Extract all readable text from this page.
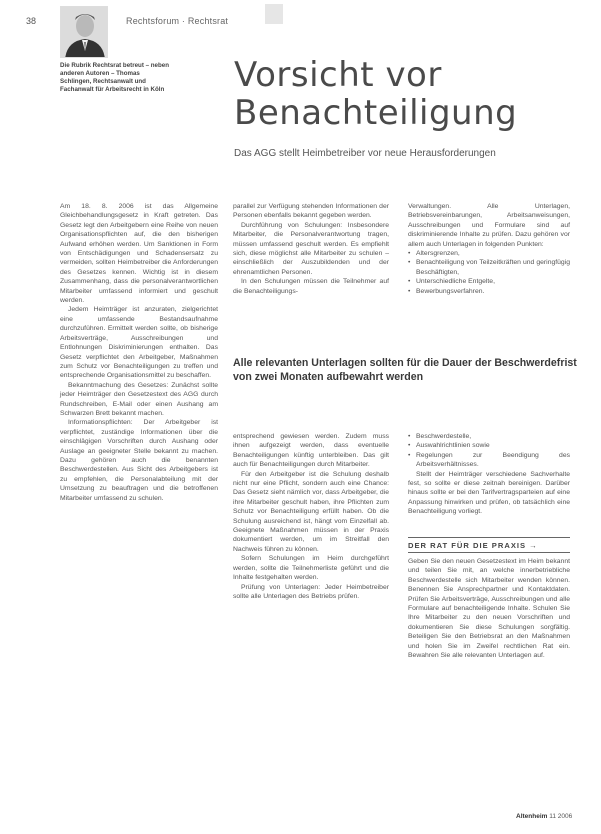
38	Rechtsforum · Rechtsrat
Die Rubrik Rechtsrat betreut – neben anderen Autoren – Thomas Schlingen, Rechtsanwalt und Fachanwalt für Arbeitsrecht in Köln Vorsicht vor
Benachteiligung
Das AGG stellt Heimbetreiber vor neue Herausforderungen

Am 18. 8. 2006 ist das Allgemeine Gleichbehandlungsgesetz in Kraft getreten. Das Gesetz legt den Arbeitgebern eine Reihe von neuen Organisationspflichten auf, die den bisherigen Aufwand erhöhen werden. Um Sanktionen in Form von Entschädigungen und Schadensersatz zu vermeiden, sollten Heimbetreiber die Anforderungen des Gesetzes kennen. Wichtig ist in diesem Zusammenhang, dass die personalverantwortlichen Mitarbeiter umfassend informiert und geschult werden.

Jedem Heimträger ist anzuraten, zielgerichtet eine umfassende Bestandsaufnahme durchzuführen. Ermittelt werden sollte, ob bisherige Arbeitsverträge, Ausschreibungen und Entlohnungen Diskriminierungen enthalten. Das Gesetz verpflichtet den Arbeitgeber, Maßnahmen zum Schutz vor Benachteiligungen zu treffen und entsprechende Organisationsmittel zu beschaffen.

Bekanntmachung des Gesetzes: Zunächst sollte jeder Heimträger den Gesetzestext des AGG durch Rundschreiben, E-Mail oder einen Aushang am Schwarzen Brett bekannt machen.

Informationspflichten: Der Arbeitgeber ist verpflichtet, zuständige Informationen über die einschlägigen Vorschriften durch Aushang oder Auslage an geeigneter Stelle bekannt zu machen. Dazu gehören auch die benannten Beschwerdestellen. Aus Sicht des Arbeitgebers ist zu empfehlen, die Personalabteilung mit der Umsetzung zu beauftragen und die betroffenen Mitarbeiter umfassend zu schulen.

parallel zur Verfügung stehenden Informationen der Personen ebenfalls bekannt gegeben werden.

Durchführung von Schulungen: Insbesondere Mitarbeiter, die Personalverantwortung tragen, müssen umfassend geschult werden. Es empfiehlt sich, diese möglichst alle Mitarbeiter zu schulen – einschließlich der Auszubildenden und der ehrenamtlichen Personen.

In den Schulungen müssen die Teilnehmer auf die Benachteiligungs-

Verwaltungen. Alle Unterlagen, Betriebsvereinbarungen, Arbeitsanweisungen, Ausschreibungen und Formulare sind auf diskriminierende Inhalte zu prüfen. Dazu gehören vor allem auch Unterlagen in folgenden Punkten:

• Altersgrenzen,
• Benachteiligung von Teilzeitkräften und geringfügig Beschäftigten,
• Unterschiedliche Entgelte,
• Bewerbungsverfahren.
Alle relevanten Unterlagen sollten für die Dauer der Beschwerdefrist von zwei Monaten aufbewahrt werden

entsprechend gewiesen werden. Zudem muss ihnen aufgezeigt werden, dass eventuelle Benachteiligungen künftig unterbleiben. Das gilt auch für Benachteiligungen durch Mitarbeiter.

Für den Arbeitgeber ist die Schulung deshalb nicht nur eine Pflicht, sondern auch eine Chance: Das Gesetz sieht nämlich vor, dass Arbeitgeber, die ihre Mitarbeiter geschult haben, ihre Pflichten zum Schutz vor Benachteiligung erfüllt haben. Ob die Schulung ausreichend ist, hängt vom Einzelfall ab. Geeignete Maßnahmen müssen in der Praxis dokumentiert werden, um im Streitfall den Nachweis führen zu können.

Sofern Schulungen im Heim durchgeführt werden, sollte die Teilnehmerliste geführt und die Inhalte festgehalten werden.

Prüfung von Unterlagen: Jeder Heimbetreiber sollte alle Unterlagen des Betriebs prüfen.

• Beschwerdestelle,
• Auswahlrichtlinien sowie
• Regelungen zur Beendigung des Arbeitsverhältnisses.

Stellt der Heimträger verschiedene Sachverhalte fest, so sollte er diese zeitnah bereinigen. Darüber hinaus sollte er bei den Tarifvertragsparteien auf eine Anpassung hinwirken und prüfen, ob tatsächlich eine Benachteiligung vorliegt.

DER RAT FÜR DIE PRAXIS →
Geben Sie den neuen Gesetzestext im Heim bekannt und teilen Sie mit, an welche innerbetriebliche Beschwerdestelle sich Mitarbeiter wenden können. Benennen Sie Ansprechpartner und Kontaktdaten. Prüfen Sie Arbeitsverträge, Ausschreibungen und alle Formulare auf benachteiligende Inhalte. Schulen Sie Ihre Mitarbeiter zu den neuen Vorschriften und dokumentieren Sie diese Schulungen sorgfältig. Beteiligen Sie den Betriebsrat an den Maßnahmen und holen Sie im Zweifel rechtlichen Rat ein. Bewahren Sie alle relevanten Unterlagen auf.
Altenheim 11 2006
